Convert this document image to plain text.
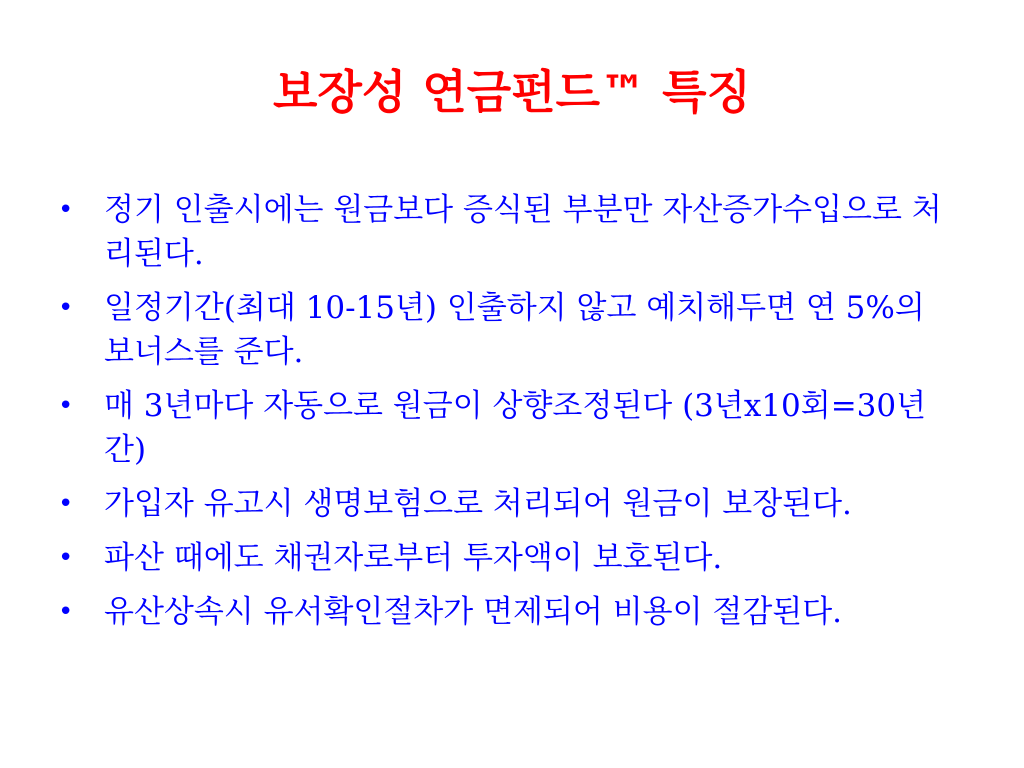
보장성 연금펀드™ 특징
• 정기 인출시에는 원금보다 증식된 부분만 자산증가수입으로 처리된다.
• 일정기간(최대 10-15년) 인출하지 않고 예치해두면 연 5%의 보너스를 준다.
• 매 3년마다 자동으로 원금이 상향조정된다 (3년x10회=30년간)
• 가입자 유고시 생명보험으로 처리되어 원금이 보장된다.
• 파산 때에도 채권자로부터 투자액이 보호된다.
• 유산상속시 유서확인절차가 면제되어 비용이 절감된다.
